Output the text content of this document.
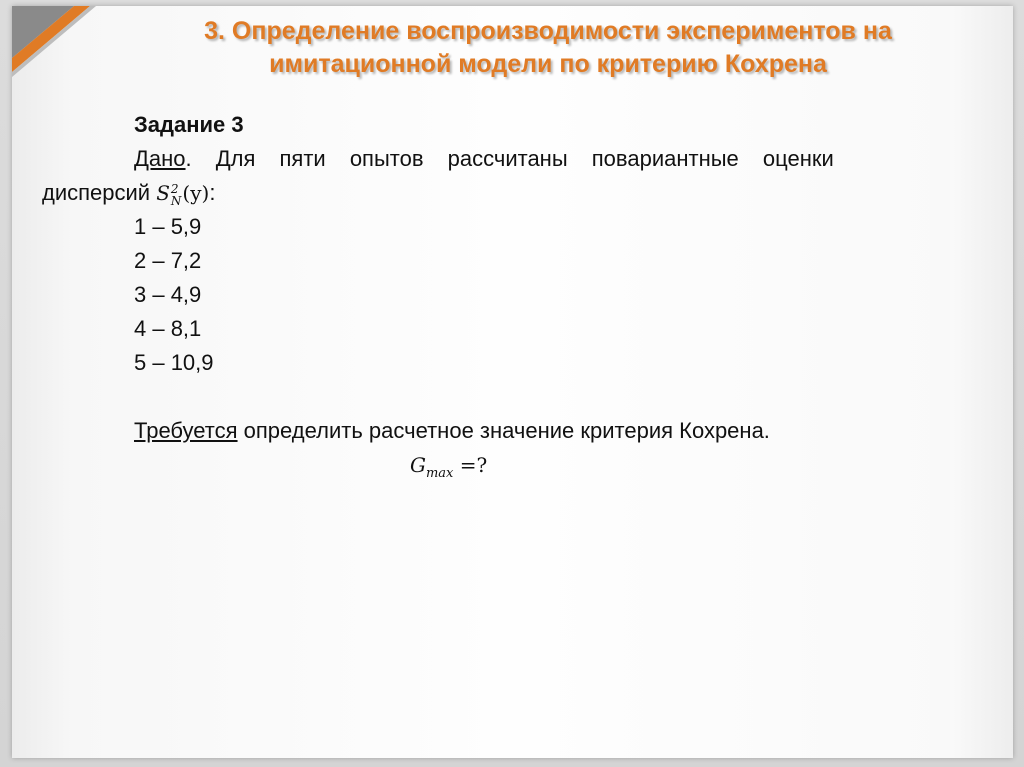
3. Определение воспроизводимости экспериментов на
имитационной модели по критерию Кохрена
Задание 3
Дано. Для пяти опытов рассчитаны повариантные оценки
дисперсий S 2
N (y):
1 – 5,9
2 – 7,2
3 – 4,9
4 – 8,1
5 – 10,9
Требуется определить расчетное значение критерия Кохрена.
$G_{max}$ =?
